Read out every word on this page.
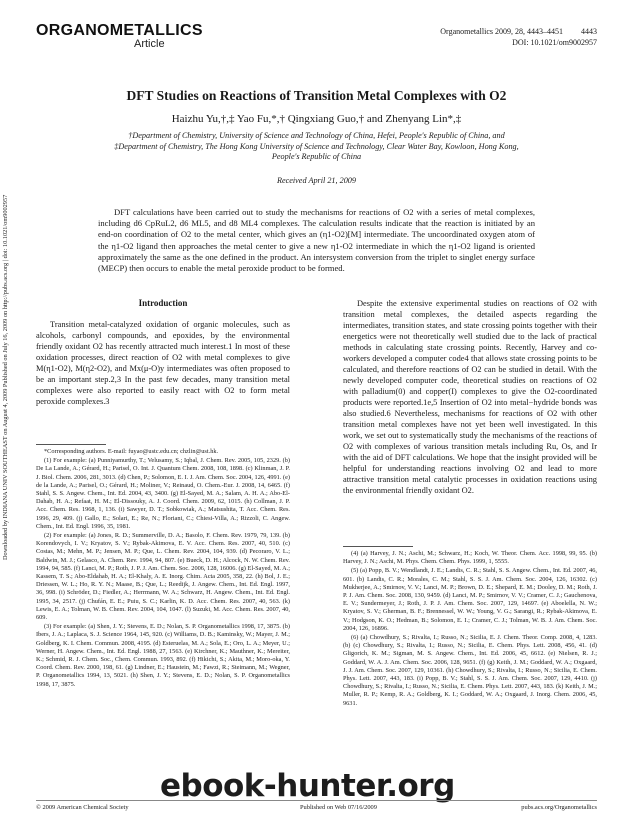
ORGANOMETALLICS
Article
Organometallics 2009, 28, 4443–4451 4443
DOI: 10.1021/om9002957
DFT Studies on Reactions of Transition Metal Complexes with O2
Haizhu Yu,†,‡ Yao Fu,*,† Qingxiang Guo,† and Zhenyang Lin*,‡
†Department of Chemistry, University of Science and Technology of China, Hefei, People's Republic of China, and ‡Department of Chemistry, The Hong Kong University of Science and Technology, Clear Water Bay, Kowloon, Hong Kong, People's Republic of China
Received April 21, 2009
DFT calculations have been carried out to study the mechanisms for reactions of O2 with a series of metal complexes, including d6 CpRuL2, d6 ML5, and d8 ML4 complexes. The calculation results indicate that the reaction is initiated by an end-on coordination of O2 to the metal center, which gives an (η1-O2)[M] intermediate. The uncoordinated oxygen atom of the η1-O2 ligand then approaches the metal center to give a new η1-O2 intermediate in which the η1-O2 ligand is oriented approximately the same as the one defined in the product. An intersystem conversion from the triplet to singlet energy surface (MECP) then occurs to enable the metal peroxide product to be formed.
Downloaded by INDIANA UNIV SOUTHEAST on August 4, 2009 Published on July 16, 2009 on http://pubs.acs.org | doi: 10.1021/om9002957	Introduction

Transition metal-catalyzed oxidation of organic molecules, such as alcohols, carbonyl compounds, and epoxides, by the environmental friendly oxidant O2 has recently attracted much interest.1 In most of these oxidation processes, direct reaction of O2 with metal complexes to give M(η1-O2), M(η2-O2), and Mx(μ-O)y intermediates was often proposed to be an important step.2,3 In the past few decades, many transition metal complexes were also reported to easily react with O2 to form metal peroxide complexes.3

Despite the extensive experimental studies on reactions of O2 with transition metal complexes, the detailed aspects regarding the intermediates, transition states, and state crossing points together with their energetics were not theoretically well studied due to the lack of practical methods in calculating state crossing points. Recently, Harvey and co-workers developed a computer code4 that allows state crossing points to be calculated, and therefore reactions of O2 can be studied in detail. With the newly developed computer code, theoretical studies on reactions of O2 with palladium(0) and copper(I) complexes to give the O2-coordinated products were reported.1e,5 Insertion of O2 into metal−hydride bonds was also studied.6 Nevertheless, mechanisms for reactions of O2 with other transition metal complexes have not yet been well investigated. In this work, we set out to systematically study the mechanisms of the reactions of O2 with complexes of various transition metals including Ru, Os, and Ir with the aid of DFT calculations. We hope that the insight provided will be helpful for understanding reactions involving O2 and lead to more attractive transition metal catalytic processes in oxidation reactions using the environmental friendly oxidant O2.

*Corresponding authors. E-mail: fuyao@ustc.edu.cn; chzlin@ust.hk.

(1) For example: (a) Punniyamurthy, T.; Velusamy, S.; Iqbal, J. Chem. Rev. 2005, 105, 2329. (b) De La Lande, A.; Gérard, H.; Parisel, O. Int. J. Quantum Chem. 2008, 108, 1898. (c) Klinman, J. P. J. Biol. Chem. 2006, 281, 3013. (d) Chen, P.; Solomon, E. I. J. Am. Chem. Soc. 2004, 126, 4991. (e) de la Lande, A.; Parisel, O.; Gérard, H.; Moliner, V.; Reinaud, O. Chem.-Eur. J. 2008, 14, 6465. (f) Stahl, S. S. Angew. Chem., Int. Ed. 2004, 43, 3400. (g) El-Sayed, M. A.; Salam, A. H. A.; Abo-El-Dahab, H. A.; Refaat, H. M.; El-Dissouky, A. J. Coord. Chem. 2009, 62, 1015. (h) Collman, J. P. Acc. Chem. Res. 1968, 1, 136. (i) Sawyer, D. T.; Sobkowiak, A.; Matsushita, T. Acc. Chem. Res. 1996, 29, 409. (j) Gallo, E.; Solari, E.; Re, N.; Floriani, C.; Chiesi-Villa, A.; Rizzoli, C. Angew. Chem., Int. Ed. Engl. 1996, 35, 1981.

(2) For example: (a) Jones, R. D.; Summerville, D. A.; Basolo, F. Chem. Rev. 1979, 79, 139. (b) Korendovych, I. V.; Kryatov, S. V.; Rybak-Akimova, E. V. Acc. Chem. Res. 2007, 40, 510. (c) Costas, M.; Mehn, M. P.; Jensen, M. P.; Que, L. Chem. Rev. 2004, 104, 939. (d) Pecoraro, V. L.; Baldwin, M. J.; Gelasco, A. Chem. Rev. 1994, 94, 807. (e) Bueck, D. H.; Alcock, N. W. Chem. Rev. 1994, 94, 585. (f) Lanci, M. P.; Roth, J. P. J. Am. Chem. Soc. 2006, 128, 16006. (g) El-Sayed, M. A.; Kassem, T. S.; Abo-Eldahab, H. A.; El-Khaly, A. E. Inorg. Chim. Acta 2005, 358, 22. (h) Bol, J. E.; Driessen, W. L.; Ho, R. Y. N.; Maase, B.; Que, L.; Reedijk, J. Angew. Chem., Int. Ed. Engl. 1997, 36, 998. (i) Schröder, D.; Fiedler, A.; Herrmann, W. A.; Schwarz, H. Angew. Chem., Int. Ed. Engl. 1995, 34, 2517. (j) Chufán, E. E.; Puiu, S. C.; Karlin, K. D. Acc. Chem. Res. 2007, 40, 563. (k) Lewis, E. A.; Tolman, W. B. Chem. Rev. 2004, 104, 1047. (l) Suzuki, M. Acc. Chem. Res. 2007, 40, 609.

(3) For example: (a) Shen, J. Y.; Stevens, E. D.; Nolan, S. P. Organometallics 1998, 17, 3875. (b) Ibers, J. A.; Laplaca, S. J. Science 1964, 145, 920. (c) Williams, D. B.; Kaminsky, W.; Mayer, J. M.; Goldberg, K. I. Chem. Commun. 2008, 4195. (d) Esteruelas, M. A.; Sola, E.; Oro, L. A.; Meyer, U.; Werner, H. Angew. Chem., Int. Ed. Engl. 1988, 27, 1563. (e) Kirchner, K.; Mauthner, K.; Mereiter, K.; Schmid, R. J. Chem. Soc., Chem. Commun. 1993, 892. (f) Hikichi, S.; Akita, M.; Moro-oka, Y. Coord. Chem. Rev. 2000, 198, 61. (g) Lindner, E.; Haustein, M.; Fawzi, R.; Steimann, M.; Wegner, P. Organometallics 1994, 13, 5021. (h) Shen, J. Y.; Stevens, E. D.; Nolan, S. P. Organometallics 1998, 17, 3875.

(4) (a) Harvey, J. N.; Aschi, M.; Schwarz, H.; Koch, W. Theor. Chem. Acc. 1998, 99, 95. (b) Harvey, J. N.; Aschi, M. Phys. Chem. Chem. Phys. 1999, 1, 5555.

(5) (a) Popp, B. V.; Wendlandt, J. E.; Landis, C. R.; Stahl, S. S. Angew. Chem., Int. Ed. 2007, 46, 601. (b) Landis, C. R.; Morales, C. M.; Stahl, S. S. J. Am. Chem. Soc. 2004, 126, 16302. (c) Mukherjee, A.; Smirnov, V. V.; Lanci, M. P.; Brown, D. E.; Shepard, E. M.; Dooley, D. M.; Roth, J. P. J. Am. Chem. Soc. 2008, 130, 9459. (d) Lanci, M. P.; Smirnov, V. V.; Cramer, C. J.; Gauchenova, E. V.; Sundermeyer, J.; Roth, J. P. J. Am. Chem. Soc. 2007, 129, 14697. (e) Aboelella, N. W.; Kryatov, S. V.; Gherman, B. F.; Brennessel, W. W.; Young, V. G.; Sarangi, R.; Rybak-Akimova, E. V.; Hodgson, K. O.; Hedman, B.; Solomon, E. I.; Cramer, C. J.; Tolman, W. B. J. Am. Chem. Soc. 2004, 126, 16896.

(6) (a) Chowdhury, S.; Rivalta, I.; Russo, N.; Sicilia, E. J. Chem. Theor. Comp. 2008, 4, 1283. (b) (c) Chowdhury, S.; Rivalta, I.; Russo, N.; Sicilia, E. Chem. Phys. Lett. 2008, 456, 41. (d) Gligorich, K. M.; Sigman, M. S. Angew. Chem., Int. Ed. 2006, 45, 6612. (e) Nielsen, R. J.; Goddard, W. A. J. Am. Chem. Soc. 2006, 128, 9651. (f) (g) Keith, J. M.; Goddard, W. A.; Oxgaard, J. J. Am. Chem. Soc. 2007, 129, 10361. (h) Chowdhury, S.; Rivalta, I.; Russo, N.; Sicilia, E. Chem. Phys. Lett. 2007, 443, 183. (i) Popp, B. V.; Stahl, S. S. J. Am. Chem. Soc. 2007, 129, 4410. (j) Chowdhury, S.; Rivalta, I.; Russo, N.; Sicilia, E. Chem. Phys. Lett. 2007, 443, 183. (k) Keith, J. M.; Muller, R. P.; Kemp, R. A.; Goldberg, K. I.; Goddard, W. A.; Oxgaard, J. Inorg. Chem. 2006, 45, 9631.

ebook-hunter.org
© 2009 American Chemical Society	Published on Web 07/16/2009	pubs.acs.org/Organometallics
